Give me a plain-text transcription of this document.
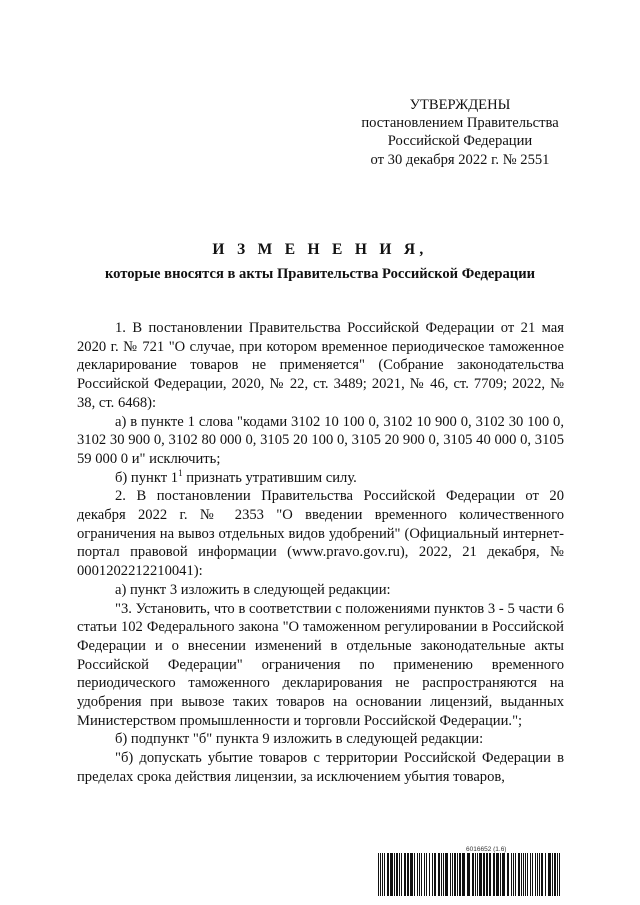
УТВЕРЖДЕНЫ
постановлением Правительства
Российской Федерации
от 30 декабря 2022 г. № 2551
И З М Е Н Е Н И Я,
которые вносятся в акты Правительства Российской Федерации

1. В постановлении Правительства Российской Федерации от 21 мая 2020 г. № 721 "О случае, при котором временное периодическое таможенное декларирование товаров не применяется" (Собрание законодательства Российской Федерации, 2020, № 22, ст. 3489; 2021, № 46, ст. 7709; 2022, № 38, ст. 6468):

а) в пункте 1 слова "кодами 3102 10 100 0, 3102 10 900 0, 3102 30 100 0, 3102 30 900 0, 3102 80 000 0, 3105 20 100 0, 3105 20 900 0, 3105 40 000 0, 3105 59 000 0 и" исключить;

б) пункт $1^1$ признать утратившим силу.

2. В постановлении Правительства Российской Федерации от 20 декабря 2022 г. № 2353 "О введении временного количественного ограничения на вывоз отдельных видов удобрений" (Официальный интернет-портал правовой информации (www.pravo.gov.ru), 2022, 21 декабря, № 0001202212210041):

а) пункт 3 изложить в следующей редакции:

"3. Установить, что в соответствии с положениями пунктов 3 - 5 части 6 статьи 102 Федерального закона "О таможенном регулировании в Российской Федерации и о внесении изменений в отдельные законодательные акты Российской Федерации" ограничения по применению временного периодического таможенного декларирования не распространяются на удобрения при вывозе таких товаров на основании лицензий, выданных Министерством промышленности и торговли Российской Федерации.";

б) подпункт "б" пункта 9 изложить в следующей редакции:

"б) допускать убытие товаров с территории Российской Федерации в пределах срока действия лицензии, за исключением убытия товаров,

6016652 (1.6)
